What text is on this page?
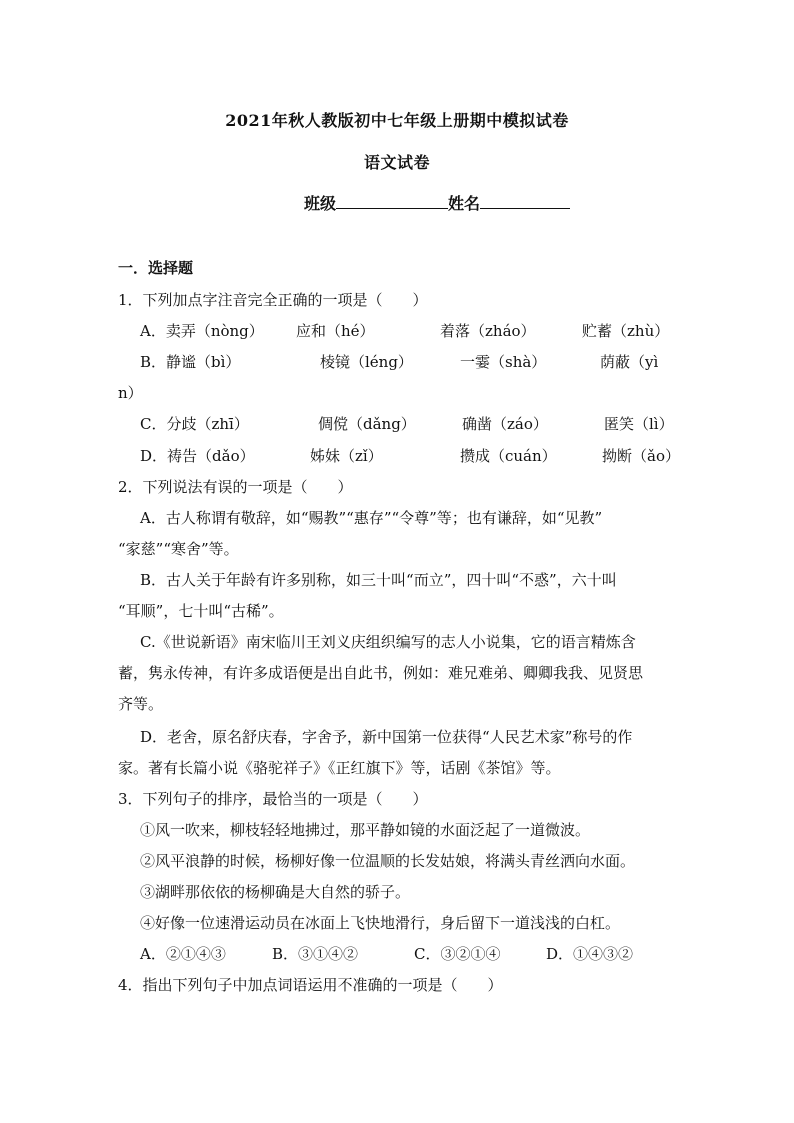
2021年秋人教版初中七年级上册期中模拟试卷
语文试卷
班级	姓名
一．选择题
1．下列加点字注音完全正确的一项是（　　）
A．卖弄（nòng） 应和（hé）	着落（zháo）	贮蓄（zhù）
B．静谧（bì）	棱镜（léng）	一霎（shà）	荫蔽（yì
n）
C．分歧（zhī）	倜傥（dǎng）	确凿（záo）	匿笑（lì）
D．祷告（dǎo）	姊妹（zǐ）	攒成（cuán）	拗断（ǎo）
2．下列说法有误的一项是（　　）
A．古人称谓有敬辞，如“赐教”“惠存”“令尊”等；也有谦辞，如“见教”
“家慈”“寒舍”等。
B．古人关于年龄有许多别称，如三十叫“而立”，四十叫“不惑”，六十叫
“耳顺”，七十叫“古稀”。
C.《世说新语》南宋临川王刘义庆组织编写的志人小说集，它的语言精炼含
蓄，隽永传神，有许多成语便是出自此书，例如：难兄难弟、卿卿我我、见贤思
齐等。
D．老舍，原名舒庆春，字舍予，新中国第一位获得“人民艺术家”称号的作
家。著有长篇小说《骆驼祥子》《正红旗下》等，话剧《茶馆》等。
3．下列句子的排序，最恰当的一项是（　　）
①风一吹来，柳枝轻轻地拂过，那平静如镜的水面泛起了一道微波。
②风平浪静的时候，杨柳好像一位温顺的长发姑娘，将满头青丝洒向水面。
③湖畔那依依的杨柳确是大自然的骄子。
④好像一位速滑运动员在冰面上飞快地滑行，身后留下一道浅浅的白杠。
A．②①④③	B．③①④②	C．③②①④	D．①④③②
4．指出下列句子中加点词语运用不准确的一项是（　　）
